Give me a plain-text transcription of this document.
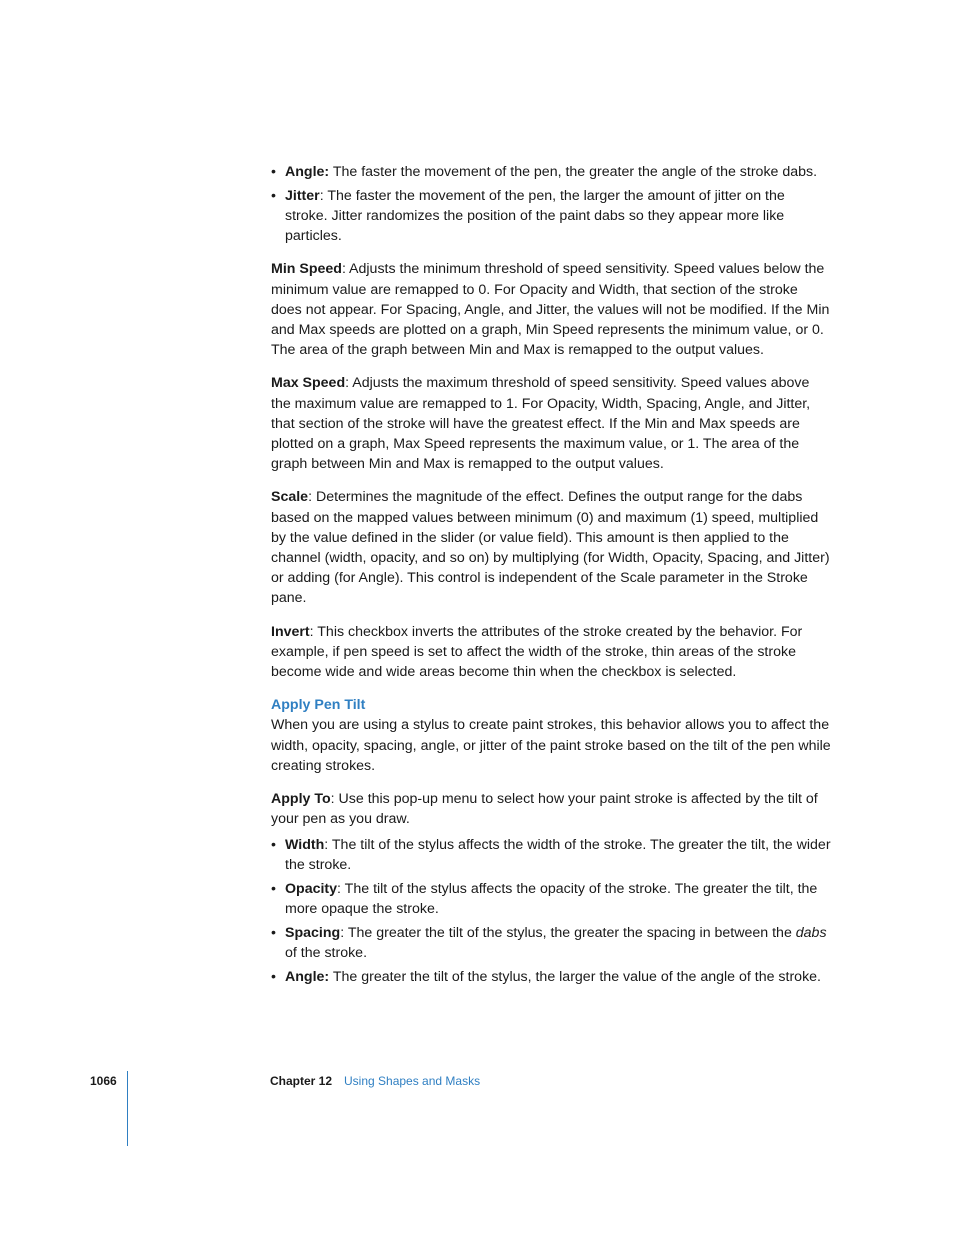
• Angle: The faster the movement of the pen, the greater the angle of the stroke dabs.
• Jitter: The faster the movement of the pen, the larger the amount of jitter on the stroke. Jitter randomizes the position of the paint dabs so they appear more like particles.

Min Speed: Adjusts the minimum threshold of speed sensitivity. Speed values below the minimum value are remapped to 0. For Opacity and Width, that section of the stroke does not appear. For Spacing, Angle, and Jitter, the values will not be modified. If the Min and Max speeds are plotted on a graph, Min Speed represents the minimum value, or 0. The area of the graph between Min and Max is remapped to the output values.

Max Speed: Adjusts the maximum threshold of speed sensitivity. Speed values above the maximum value are remapped to 1. For Opacity, Width, Spacing, Angle, and Jitter, that section of the stroke will have the greatest effect. If the Min and Max speeds are plotted on a graph, Max Speed represents the maximum value, or 1. The area of the graph between Min and Max is remapped to the output values.

Scale: Determines the magnitude of the effect. Defines the output range for the dabs based on the mapped values between minimum (0) and maximum (1) speed, multiplied by the value defined in the slider (or value field). This amount is then applied to the channel (width, opacity, and so on) by multiplying (for Width, Opacity, Spacing, and Jitter) or adding (for Angle). This control is independent of the Scale parameter in the Stroke pane.

Invert: This checkbox inverts the attributes of the stroke created by the behavior. For example, if pen speed is set to affect the width of the stroke, thin areas of the stroke become wide and wide areas become thin when the checkbox is selected.

Apply Pen Tilt

When you are using a stylus to create paint strokes, this behavior allows you to affect the width, opacity, spacing, angle, or jitter of the paint stroke based on the tilt of the pen while creating strokes.

Apply To: Use this pop-up menu to select how your paint stroke is affected by the tilt of your pen as you draw.

• Width: The tilt of the stylus affects the width of the stroke. The greater the tilt, the wider the stroke.
• Opacity: The tilt of the stylus affects the opacity of the stroke. The greater the tilt, the more opaque the stroke.
• Spacing: The greater the tilt of the stylus, the greater the spacing in between the dabs of the stroke.
• Angle: The greater the tilt of the stylus, the larger the value of the angle of the stroke.
1066	Chapter 12 Using Shapes and Masks
